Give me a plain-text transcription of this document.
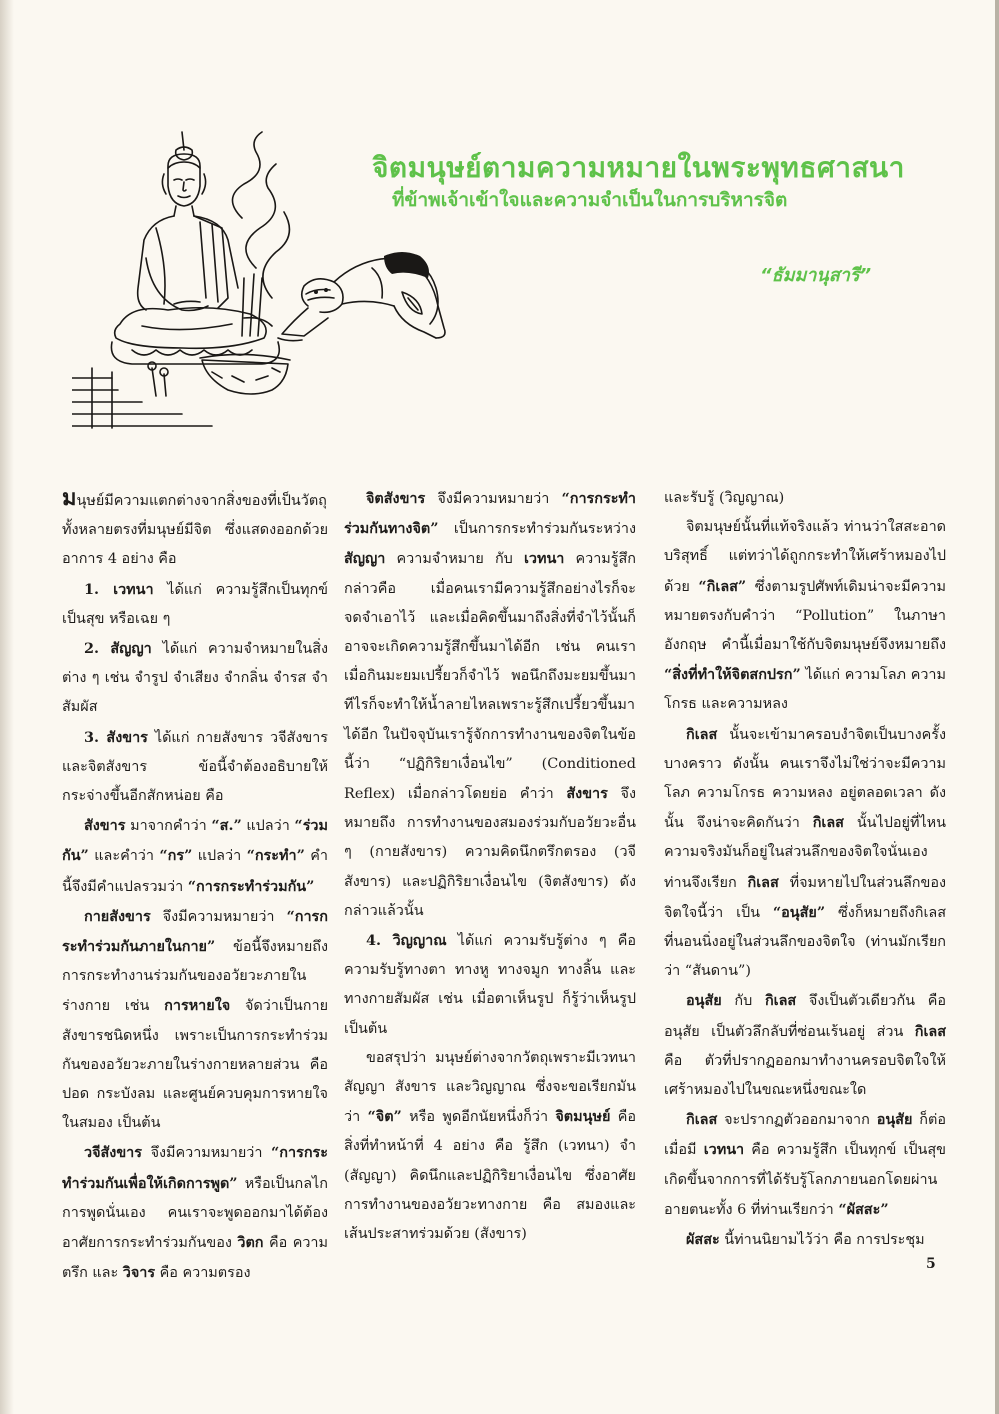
จิตมนุษย์ตามความหมายในพระพุทธศาสนา
ที่ข้าพเจ้าเข้าใจและความจำเป็นในการบริหารจิต
“ธัมมานุสารี”

มนุษย์มีความแตกต่างจากสิ่งของที่เป็นวัตถุทั้งหลายตรงที่มนุษย์มีจิต ซึ่งแสดงออกด้วยอาการ 4 อย่าง คือ

1. เวทนา ได้แก่ ความรู้สึกเป็นทุกข์ เป็นสุข หรือเฉย ๆ

2. สัญญา ได้แก่ ความจำหมายในสิ่งต่าง ๆ เช่น จำรูป จำเสียง จำกลิ่น จำรส จำสัมผัส

3. สังขาร ได้แก่ กายสังขาร วจีสังขาร และจิตสังขาร ข้อนี้จำต้องอธิบายให้กระจ่างขึ้นอีกสักหน่อย คือ

สังขาร มาจากคำว่า “ส.” แปลว่า “ร่วมกัน” และคำว่า “กร” แปลว่า “กระทำ” คำนี้จึงมีคำแปลรวมว่า “การกระทำร่วมกัน”

กายสังขาร จึงมีความหมายว่า “การกระทำร่วมกันภายในกาย” ข้อนี้จึงหมายถึงการกระทำงานร่วมกันของอวัยวะภายในร่างกาย เช่น การหายใจ จัดว่าเป็นกายสังขารชนิดหนึ่ง เพราะเป็นการกระทำร่วมกันของอวัยวะภายในร่างกายหลายส่วน คือ ปอด กระบังลม และศูนย์ควบคุมการหายใจในสมอง เป็นต้น

วจีสังขาร จึงมีความหมายว่า “การกระทำร่วมกันเพื่อให้เกิดการพูด” หรือเป็นกลไกการพูดนั่นเอง คนเราจะพูดออกมาได้ต้องอาศัยการกระทำร่วมกันของ วิตก คือ ความตรึก และ วิจาร คือ ความตรอง

จิตสังขาร จึงมีความหมายว่า “การกระทำร่วมกันทางจิต” เป็นการกระทำร่วมกันระหว่าง สัญญา ความจำหมาย กับ เวทนา ความรู้สึก กล่าวคือ เมื่อคนเรามีความรู้สึกอย่างไรก็จะจดจำเอาไว้ และเมื่อคิดขึ้นมาถึงสิ่งที่จำไว้นั้นก็อาจจะเกิดความรู้สึกขึ้นมาได้อีก เช่น คนเราเมื่อกินมะยมเปรี้ยวก็จำไว้ พอนึกถึงมะยมขึ้นมาทีไรก็จะทำให้น้ำลายไหลเพราะรู้สึกเปรี้ยวขึ้นมาได้อีก ในปัจจุบันเรารู้จักการทำงานของจิตในข้อนี้ว่า “ปฏิกิริยาเงื่อนไข” (Conditioned Reflex) เมื่อกล่าวโดยย่อ คำว่า สังขาร จึงหมายถึง การทำงานของสมองร่วมกับอวัยวะอื่น ๆ (กายสังขาร) ความคิดนึกตรึกตรอง (วจีสังขาร) และปฏิกิริยาเงื่อนไข (จิตสังขาร) ดังกล่าวแล้วนั้น

4. วิญญาณ ได้แก่ ความรับรู้ต่าง ๆ คือ ความรับรู้ทางตา ทางหู ทางจมูก ทางลิ้น และทางกายสัมผัส เช่น เมื่อตาเห็นรูป ก็รู้ว่าเห็นรูป เป็นต้น

ขอสรุปว่า มนุษย์ต่างจากวัตถุเพราะมีเวทนา สัญญา สังขาร และวิญญาณ ซึ่งจะขอเรียกมันว่า “จิต” หรือ พูดอีกนัยหนึ่งก็ว่า จิตมนุษย์ คือ สิ่งที่ทำหน้าที่ 4 อย่าง คือ รู้สึก (เวทนา) จำ (สัญญา) คิดนึกและปฏิกิริยาเงื่อนไข ซึ่งอาศัยการทำงานของอวัยวะทางกาย คือ สมองและเส้นประสาทร่วมด้วย (สังขาร)

และรับรู้ (วิญญาณ)

จิตมนุษย์นั้นที่แท้จริงแล้ว ท่านว่าใสสะอาดบริสุทธิ์ แต่ทว่าได้ถูกกระทำให้เศร้าหมองไปด้วย “กิเลส” ซึ่งตามรูปศัพท์เดิมน่าจะมีความหมายตรงกับคำว่า “Pollution” ในภาษาอังกฤษ คำนี้เมื่อมาใช้กับจิตมนุษย์จึงหมายถึง “สิ่งที่ทำให้จิตสกปรก” ได้แก่ ความโลภ ความโกรธ และความหลง

กิเลส นั้นจะเข้ามาครอบงำจิตเป็นบางครั้งบางคราว ดังนั้น คนเราจึงไม่ใช่ว่าจะมีความโลภ ความโกรธ ความหลง อยู่ตลอดเวลา ดังนั้น จึงน่าจะคิดกันว่า กิเลส นั้นไปอยู่ที่ไหน ความจริงมันก็อยู่ในส่วนลึกของจิตใจนั่นเอง ท่านจึงเรียก กิเลส ที่จมหายไปในส่วนลึกของจิตใจนี้ว่า เป็น “อนุสัย” ซึ่งก็หมายถึงกิเลสที่นอนนิ่งอยู่ในส่วนลึกของจิตใจ (ท่านมักเรียกว่า “สันดาน”)

อนุสัย กับ กิเลส จึงเป็นตัวเดียวกัน คือ อนุสัย เป็นตัวลึกลับที่ซ่อนเร้นอยู่ ส่วน กิเลส คือ ตัวที่ปรากฏออกมาทำงานครอบจิตใจให้เศร้าหมองไปในขณะหนึ่งขณะใด

กิเลส จะปรากฏตัวออกมาจาก อนุสัย ก็ต่อเมื่อมี เวทนา คือ ความรู้สึก เป็นทุกข์ เป็นสุข เกิดขึ้นจากการที่ได้รับรู้โลกภายนอกโดยผ่านอายตนะทั้ง 6 ที่ท่านเรียกว่า “ผัสสะ”

ผัสสะ นี้ท่านนิยามไว้ว่า คือ การประชุม

5
